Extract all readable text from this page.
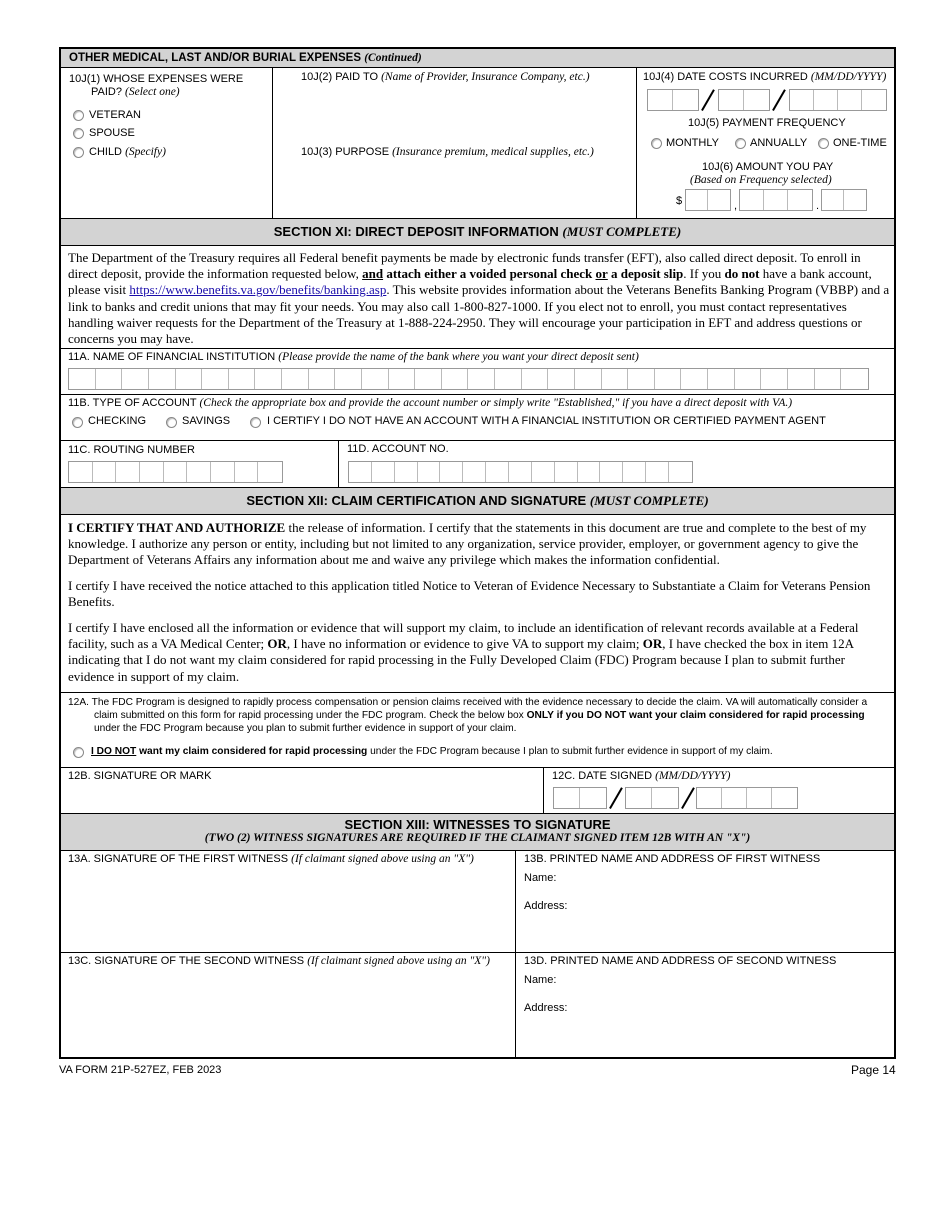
OTHER MEDICAL, LAST AND/OR BURIAL EXPENSES (Continued)
10J(1) WHOSE EXPENSES WERE
PAID? (Select one)
VETERAN
SPOUSE
CHILD (Specify)
10J(2) PAID TO (Name of Provider, Insurance Company, etc.)
10J(3) PURPOSE (Insurance premium, medical supplies, etc.)
10J(4) DATE COSTS INCURRED (MM/DD/YYYY)
10J(5) PAYMENT FREQUENCY
MONTHLY	ANNUALLY ONE-TIME
10J(6) AMOUNT YOU PAY
(Based on Frequency selected)
$	,	.
SECTION XI: DIRECT DEPOSIT INFORMATION (MUST COMPLETE)
The Department of the Treasury requires all Federal benefit payments be made by electronic funds transfer (EFT), also called direct deposit. To enroll in direct deposit, provide the information requested below, and attach either a voided personal check or a deposit slip. If you do not have a bank account, please visit https://www.benefits.va.gov/benefits/banking.asp. This website provides information about the Veterans Benefits Banking Program (VBBP) and a link to banks and credit unions that may fit your needs. You may also call 1-800-827-1000. If you elect not to enroll, you must contact representatives handling waiver requests for the Department of the Treasury at 1-888-224-2950. They will encourage your participation in EFT and address questions or concerns you may have.
11A. NAME OF FINANCIAL INSTITUTION (Please provide the name of the bank where you want your direct deposit sent)
11B. TYPE OF ACCOUNT (Check the appropriate box and provide the account number or simply write "Established," if you have a direct deposit with VA.)
CHECKING	SAVINGS	I CERTIFY I DO NOT HAVE AN ACCOUNT WITH A FINANCIAL INSTITUTION OR CERTIFIED PAYMENT AGENT
11C. ROUTING NUMBER	11D. ACCOUNT NO.
SECTION XII: CLAIM CERTIFICATION AND SIGNATURE (MUST COMPLETE)
I CERTIFY THAT AND AUTHORIZE the release of information. I certify that the statements in this document are true and complete to the best of my knowledge. I authorize any person or entity, including but not limited to any organization, service provider, employer, or government agency to give the Department of Veterans Affairs any information about me and waive any privilege which makes the information confidential.
I certify I have received the notice attached to this application titled Notice to Veteran of Evidence Necessary to Substantiate a Claim for Veterans Pension Benefits.
I certify I have enclosed all the information or evidence that will support my claim, to include an identification of relevant records available at a Federal facility, such as a VA Medical Center; OR, I have no information or evidence to give VA to support my claim; OR, I have checked the box in item 12A indicating that I do not want my claim considered for rapid processing in the Fully Developed Claim (FDC) Program because I plan to submit further evidence in support of my claim.
12A. The FDC Program is designed to rapidly process compensation or pension claims received with the evidence necessary to decide the claim. VA will automatically consider a claim submitted on this form for rapid processing under the FDC program. Check the below box ONLY if you DO NOT want your claim considered for rapid processing under the FDC Program because you plan to submit further evidence in support of your claim.
I DO NOT want my claim considered for rapid processing under the FDC Program because I plan to submit further evidence in support of my claim.
12B. SIGNATURE OR MARK	12C. DATE SIGNED (MM/DD/YYYY)
SECTION XIII: WITNESSES TO SIGNATURE
(TWO (2) WITNESS SIGNATURES ARE REQUIRED IF THE CLAIMANT SIGNED ITEM 12B WITH AN "X")
13A. SIGNATURE OF THE FIRST WITNESS (If claimant signed above using an "X")	13B. PRINTED NAME AND ADDRESS OF FIRST WITNESS
Name:
Address:
13C. SIGNATURE OF THE SECOND WITNESS (If claimant signed above using an "X")	13D. PRINTED NAME AND ADDRESS OF SECOND WITNESS
Name:
Address:
VA FORM 21P-527EZ, FEB 2023	Page 14
